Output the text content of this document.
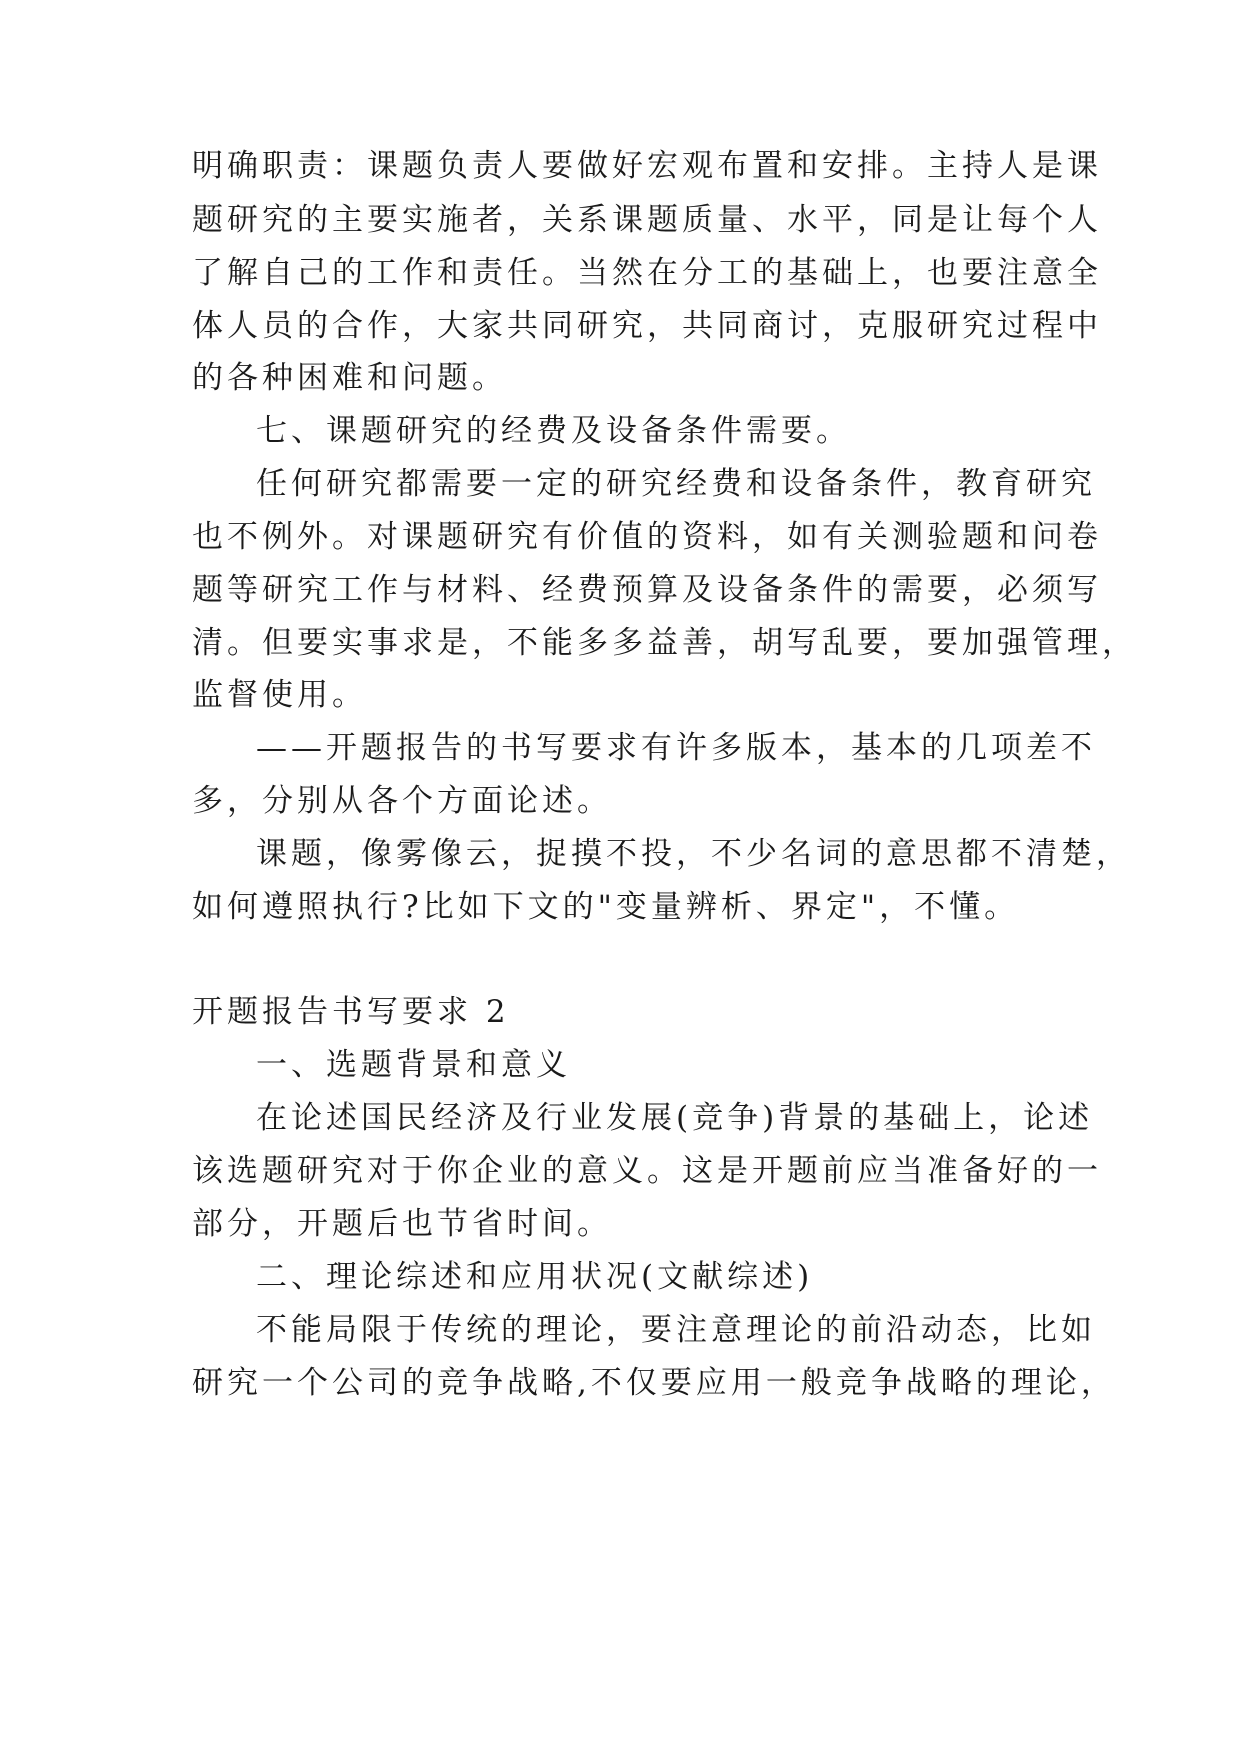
明确职责：课题负责人要做好宏观布置和安排。主持人是课
题研究的主要实施者，关系课题质量、水平，同是让每个人
了解自己的工作和责任。当然在分工的基础上，也要注意全
体人员的合作，大家共同研究，共同商讨，克服研究过程中
的各种困难和问题。
七、课题研究的经费及设备条件需要。
任何研究都需要一定的研究经费和设备条件，教育研究
也不例外。对课题研究有价值的资料，如有关测验题和问卷
题等研究工作与材料、经费预算及设备条件的需要，必须写
清。但要实事求是，不能多多益善，胡写乱要，要加强管理，
监督使用。
——开题报告的书写要求有许多版本，基本的几项差不
多，分别从各个方面论述。
课题，像雾像云，捉摸不投，不少名词的意思都不清楚，
如何遵照执行?比如下文的"变量辨析、界定"，不懂。
开题报告书写要求 2
一、选题背景和意义
在论述国民经济及行业发展(竞争)背景的基础上，论述
该选题研究对于你企业的意义。这是开题前应当准备好的一
部分，开题后也节省时间。
二、理论综述和应用状况(文献综述)
不能局限于传统的理论，要注意理论的前沿动态，比如
研究一个公司的竞争战略,不仅要应用一般竞争战略的理论，
